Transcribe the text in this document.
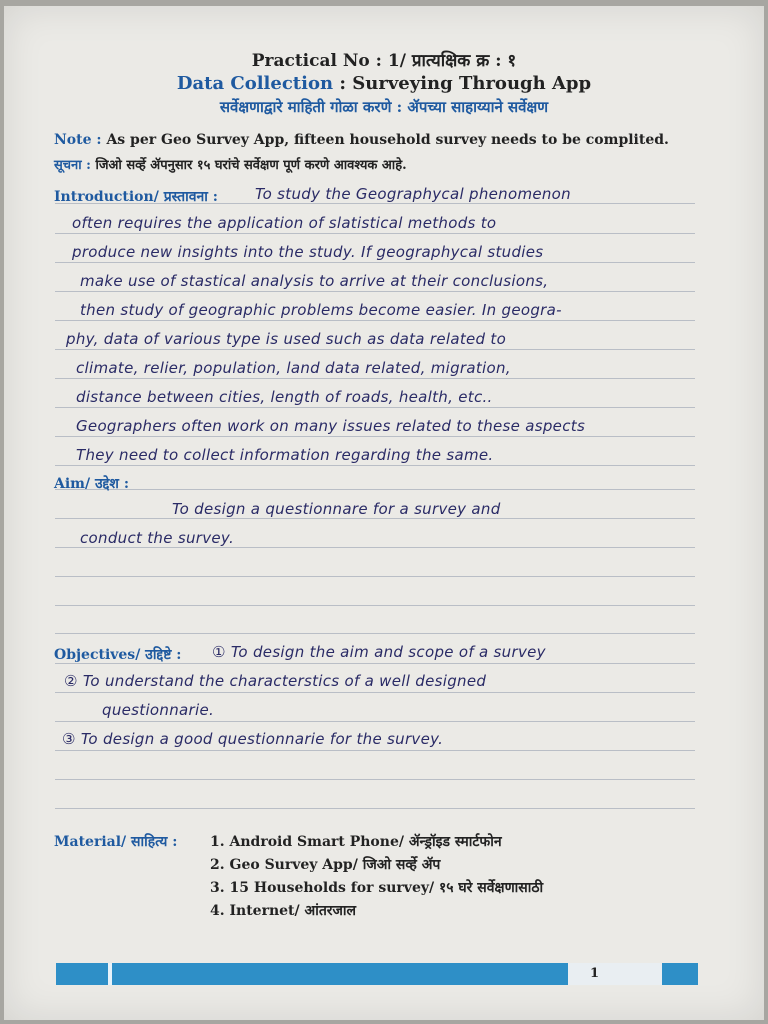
Practical No : 1/ प्रात्यक्षिक क्र : १
Data Collection : Surveying Through App
सर्वेक्षणाद्वारे माहिती गोळा करणे : ॲपच्या साहाय्याने सर्वेक्षण
Note : As per Geo Survey App, fifteen household survey needs to be complited.
सूचना : जिओ सर्व्हे ॲपनुसार १५ घरांचे सर्वेक्षण पूर्ण करणे आवश्यक आहे.
Introduction/ प्रस्तावना : To study the Geographycal phenomenon
often requires the application of slatistical methods to
produce new insights into the study. If geographycal studies
make use of stastical analysis to arrive at their conclusions,
then study of geographic problems become easier. In geogra-
phy, data of various type is used such as data related to
climate, relier, population, land data related, migration,
distance between cities, length of roads, health, etc..
Geographers often work on many issues related to these aspects
They need to collect information regarding the same.
Aim/ उद्देश :
To design a questionnare for a survey and
conduct the survey.
Objectives/ उद्दिष्टे : ① To design the aim and scope of a survey
② To understand the characterstics of a well designed
questionnarie.
③ To design a good questionnarie for the survey.
Material/ साहित्य : 1. Android Smart Phone/ ॲन्ड्रॉइड स्मार्टफोन
2. Geo Survey App/ जिओ सर्व्हे ॲप
3. 15 Households for survey/ १५ घरे सर्वेक्षणासाठी
4. Internet/ आंतरजाल
1
